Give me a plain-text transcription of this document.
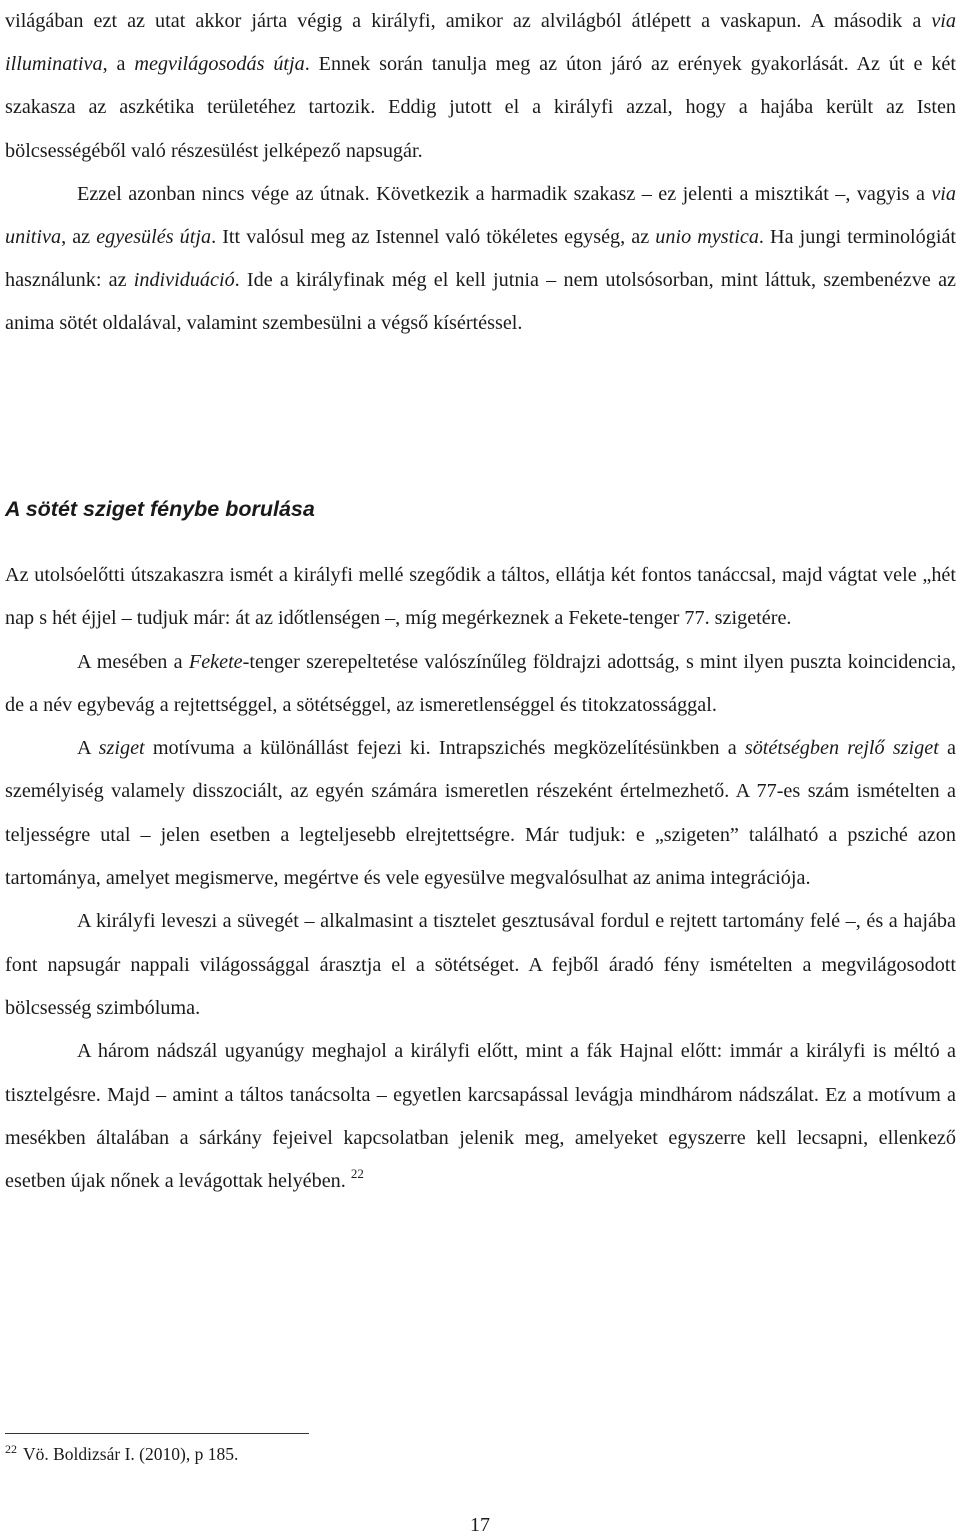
világában ezt az utat akkor járta végig a királyfi, amikor az alvilágból átlépett a vaskapun. A második a via illuminativa, a megvilágosodás útja. Ennek során tanulja meg az úton járó az erények gyakorlását. Az út e két szakasza az aszkétika területéhez tartozik. Eddig jutott el a királyfi azzal, hogy a hajába került az Isten bölcsességéből való részesülést jelképező napsugár.

Ezzel azonban nincs vége az útnak. Következik a harmadik szakasz – ez jelenti a misztikát –, vagyis a via unitiva, az egyesülés útja. Itt valósul meg az Istennel való tökéletes egység, az unio mystica. Ha jungi terminológiát használunk: az individuáció. Ide a királyfinak még el kell jutnia – nem utolsósorban, mint láttuk, szembenézve az anima sötét oldalával, valamint szembesülni a végső kísértéssel.

A sötét sziget fénybe borulása

Az utolsóelőtti útszakaszra ismét a királyfi mellé szegődik a táltos, ellátja két fontos tanáccsal, majd vágtat vele „hét nap s hét éjjel – tudjuk már: át az időtlenségen –, míg megérkeznek a Fekete-tenger 77. szigetére.

A mesében a Fekete-tenger szerepeltetése valószínűleg földrajzi adottság, s mint ilyen puszta koincidencia, de a név egybevág a rejtettséggel, a sötétséggel, az ismeretlenséggel és titokzatossággal.

A sziget motívuma a különállást fejezi ki. Intrapszichés megközelítésünkben a sötétségben rejlő sziget a személyiség valamely disszociált, az egyén számára ismeretlen részeként értelmezhető. A 77-es szám ismételten a teljességre utal – jelen esetben a legteljesebb elrejtettségre. Már tudjuk: e „szigeten” található a psziché azon tartománya, amelyet megismerve, megértve és vele egyesülve megvalósulhat az anima integrációja.

A királyfi leveszi a süvegét – alkalmasint a tisztelet gesztusával fordul e rejtett tartomány felé –, és a hajába font napsugár nappali világossággal árasztja el a sötétséget. A fejből áradó fény ismételten a megvilágosodott bölcsesség szimbóluma.

A három nádszál ugyanúgy meghajol a királyfi előtt, mint a fák Hajnal előtt: immár a királyfi is méltó a tisztelgésre. Majd – amint a táltos tanácsolta – egyetlen karcsapással levágja mindhárom nádszálat. Ez a motívum a mesékben általában a sárkány fejeivel kapcsolatban jelenik meg, amelyeket egyszerre kell lecsapni, ellenkező esetben újak nőnek a levágottak helyében. $^{22}$

$^{22}$ Vö. Boldizsár I. (2010), p 185.
17
